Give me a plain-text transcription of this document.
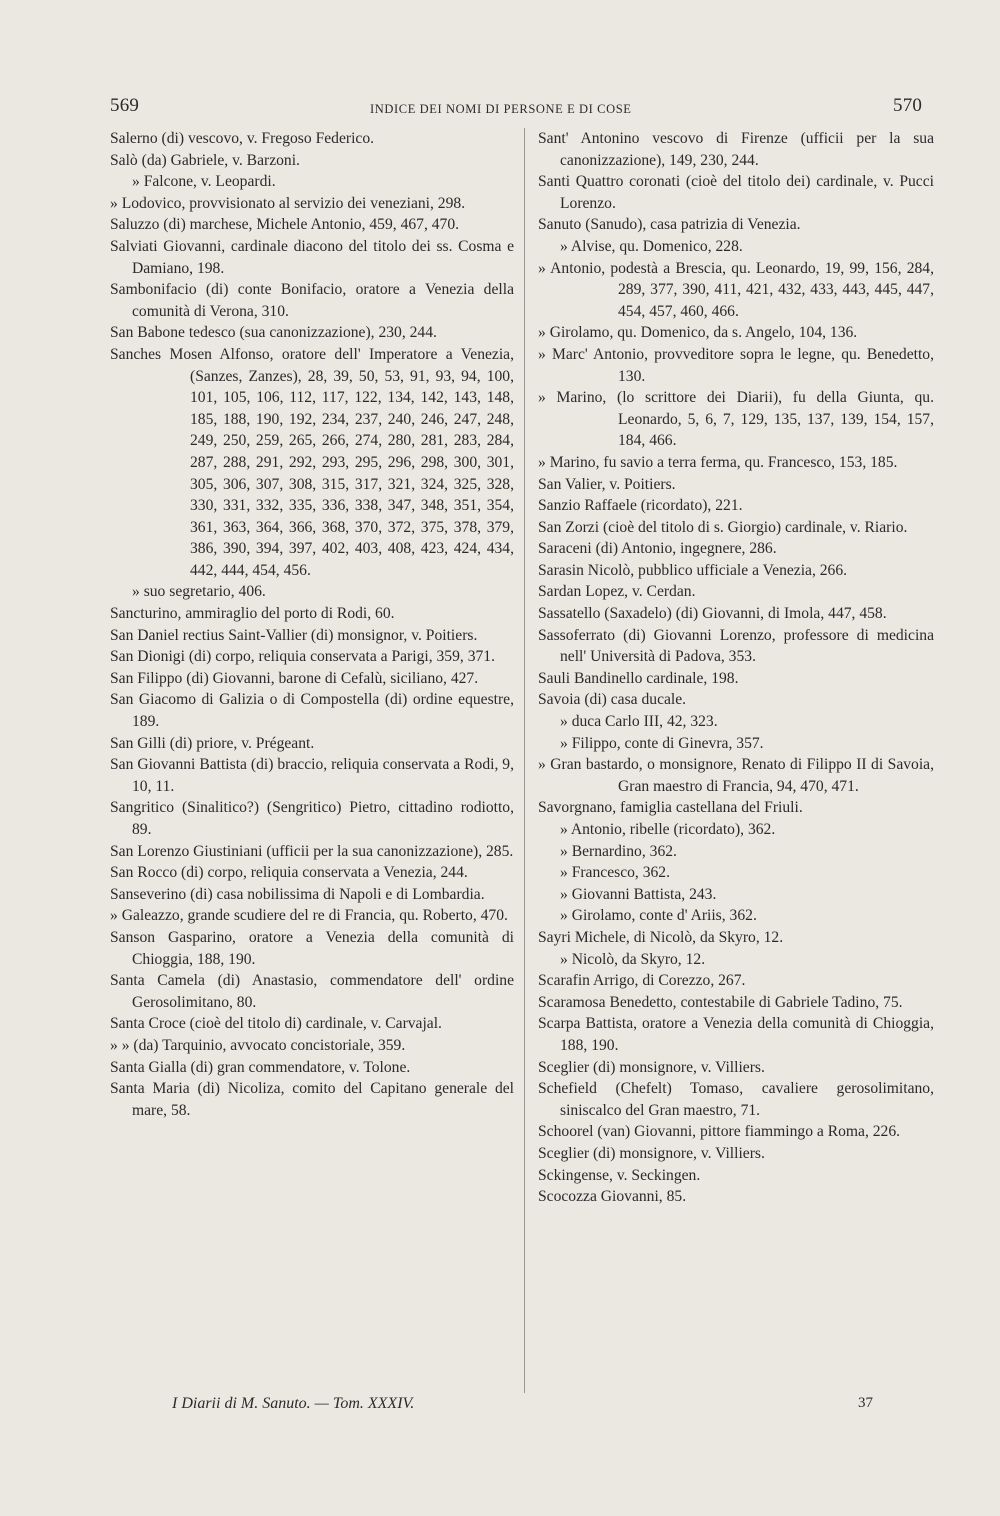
569	INDICE DEI NOMI DI PERSONE E DI COSE	570
Salerno (di) vescovo, v. Fregoso Federico.
Salò (da) Gabriele, v. Barzoni.
» Falcone, v. Leopardi.
» Lodovico, provvisionato al servizio dei veneziani, 298.
Saluzzo (di) marchese, Michele Antonio, 459, 467, 470.
Salviati Giovanni, cardinale diacono del titolo dei ss. Cosma e Damiano, 198.
Sambonifacio (di) conte Bonifacio, oratore a Venezia della comunità di Verona, 310.
San Babone tedesco (sua canonizzazione), 230, 244.
Sanches Mosen Alfonso, oratore dell' Imperatore a Venezia, (Sanzes, Zanzes), 28, 39, 50, 53, 91, 93, 94, 100, 101, 105, 106, 112, 117, 122, 134, 142, 143, 148, 185, 188, 190, 192, 234, 237, 240, 246, 247, 248, 249, 250, 259, 265, 266, 274, 280, 281, 283, 284, 287, 288, 291, 292, 293, 295, 296, 298, 300, 301, 305, 306, 307, 308, 315, 317, 321, 324, 325, 328, 330, 331, 332, 335, 336, 338, 347, 348, 351, 354, 361, 363, 364, 366, 368, 370, 372, 375, 378, 379, 386, 390, 394, 397, 402, 403, 408, 423, 424, 434, 442, 444, 454, 456.
» suo segretario, 406.
Sancturino, ammiraglio del porto di Rodi, 60.
San Daniel rectius Saint-Vallier (di) monsignor, v. Poitiers.
San Dionigi (di) corpo, reliquia conservata a Parigi, 359, 371.
San Filippo (di) Giovanni, barone di Cefalù, siciliano, 427.
San Giacomo di Galizia o di Compostella (di) ordine equestre, 189.
San Gilli (di) priore, v. Prégeant.
San Giovanni Battista (di) braccio, reliquia conservata a Rodi, 9, 10, 11.
Sangritico (Sinalitico?) (Sengritico) Pietro, cittadino rodiotto, 89.
San Lorenzo Giustiniani (ufficii per la sua canonizzazione), 285.
San Rocco (di) corpo, reliquia conservata a Venezia, 244.
Sanseverino (di) casa nobilissima di Napoli e di Lombardia.
» Galeazzo, grande scudiere del re di Francia, qu. Roberto, 470.
Sanson Gasparino, oratore a Venezia della comunità di Chioggia, 188, 190.
Santa Camela (di) Anastasio, commendatore dell' ordine Gerosolimitano, 80.
Santa Croce (cioè del titolo di) cardinale, v. Carvajal.
» » (da) Tarquinio, avvocato concistoriale, 359.
Santa Gialla (di) gran commendatore, v. Tolone.
Santa Maria (di) Nicoliza, comito del Capitano generale del mare, 58.
Sant' Antonino vescovo di Firenze (ufficii per la sua canonizzazione), 149, 230, 244.
Santi Quattro coronati (cioè del titolo dei) cardinale, v. Pucci Lorenzo.
Sanuto (Sanudo), casa patrizia di Venezia.
» Alvise, qu. Domenico, 228.
» Antonio, podestà a Brescia, qu. Leonardo, 19, 99, 156, 284, 289, 377, 390, 411, 421, 432, 433, 443, 445, 447, 454, 457, 460, 466.
» Girolamo, qu. Domenico, da s. Angelo, 104, 136.
» Marc' Antonio, provveditore sopra le legne, qu. Benedetto, 130.
» Marino, (lo scrittore dei Diarii), fu della Giunta, qu. Leonardo, 5, 6, 7, 129, 135, 137, 139, 154, 157, 184, 466.
» Marino, fu savio a terra ferma, qu. Francesco, 153, 185.
San Valier, v. Poitiers.
Sanzio Raffaele (ricordato), 221.
San Zorzi (cioè del titolo di s. Giorgio) cardinale, v. Riario.
Saraceni (di) Antonio, ingegnere, 286.
Sarasin Nicolò, pubblico ufficiale a Venezia, 266.
Sardan Lopez, v. Cerdan.
Sassatello (Saxadelo) (di) Giovanni, di Imola, 447, 458.
Sassoferrato (di) Giovanni Lorenzo, professore di medicina nell' Università di Padova, 353.
Sauli Bandinello cardinale, 198.
Savoia (di) casa ducale.
» duca Carlo III, 42, 323.
» Filippo, conte di Ginevra, 357.
» Gran bastardo, o monsignore, Renato di Filippo II di Savoia, Gran maestro di Francia, 94, 470, 471.
Savorgnano, famiglia castellana del Friuli.
» Antonio, ribelle (ricordato), 362.
» Bernardino, 362.
» Francesco, 362.
» Giovanni Battista, 243.
» Girolamo, conte d' Ariis, 362.
Sayri Michele, di Nicolò, da Skyro, 12.
» Nicolò, da Skyro, 12.
Scarafin Arrigo, di Corezzo, 267.
Scaramosa Benedetto, contestabile di Gabriele Tadino, 75.
Scarpa Battista, oratore a Venezia della comunità di Chioggia, 188, 190.
Sceglier (di) monsignore, v. Villiers.
Schefield (Chefelt) Tomaso, cavaliere gerosolimitano, siniscalco del Gran maestro, 71.
Schoorel (van) Giovanni, pittore fiammingo a Roma, 226.
Sceglier (di) monsignore, v. Villiers.
Sckingense, v. Seckingen.
Scocozza Giovanni, 85.
I Diarii di M. Sanuto. — Tom. XXXIV.	37
